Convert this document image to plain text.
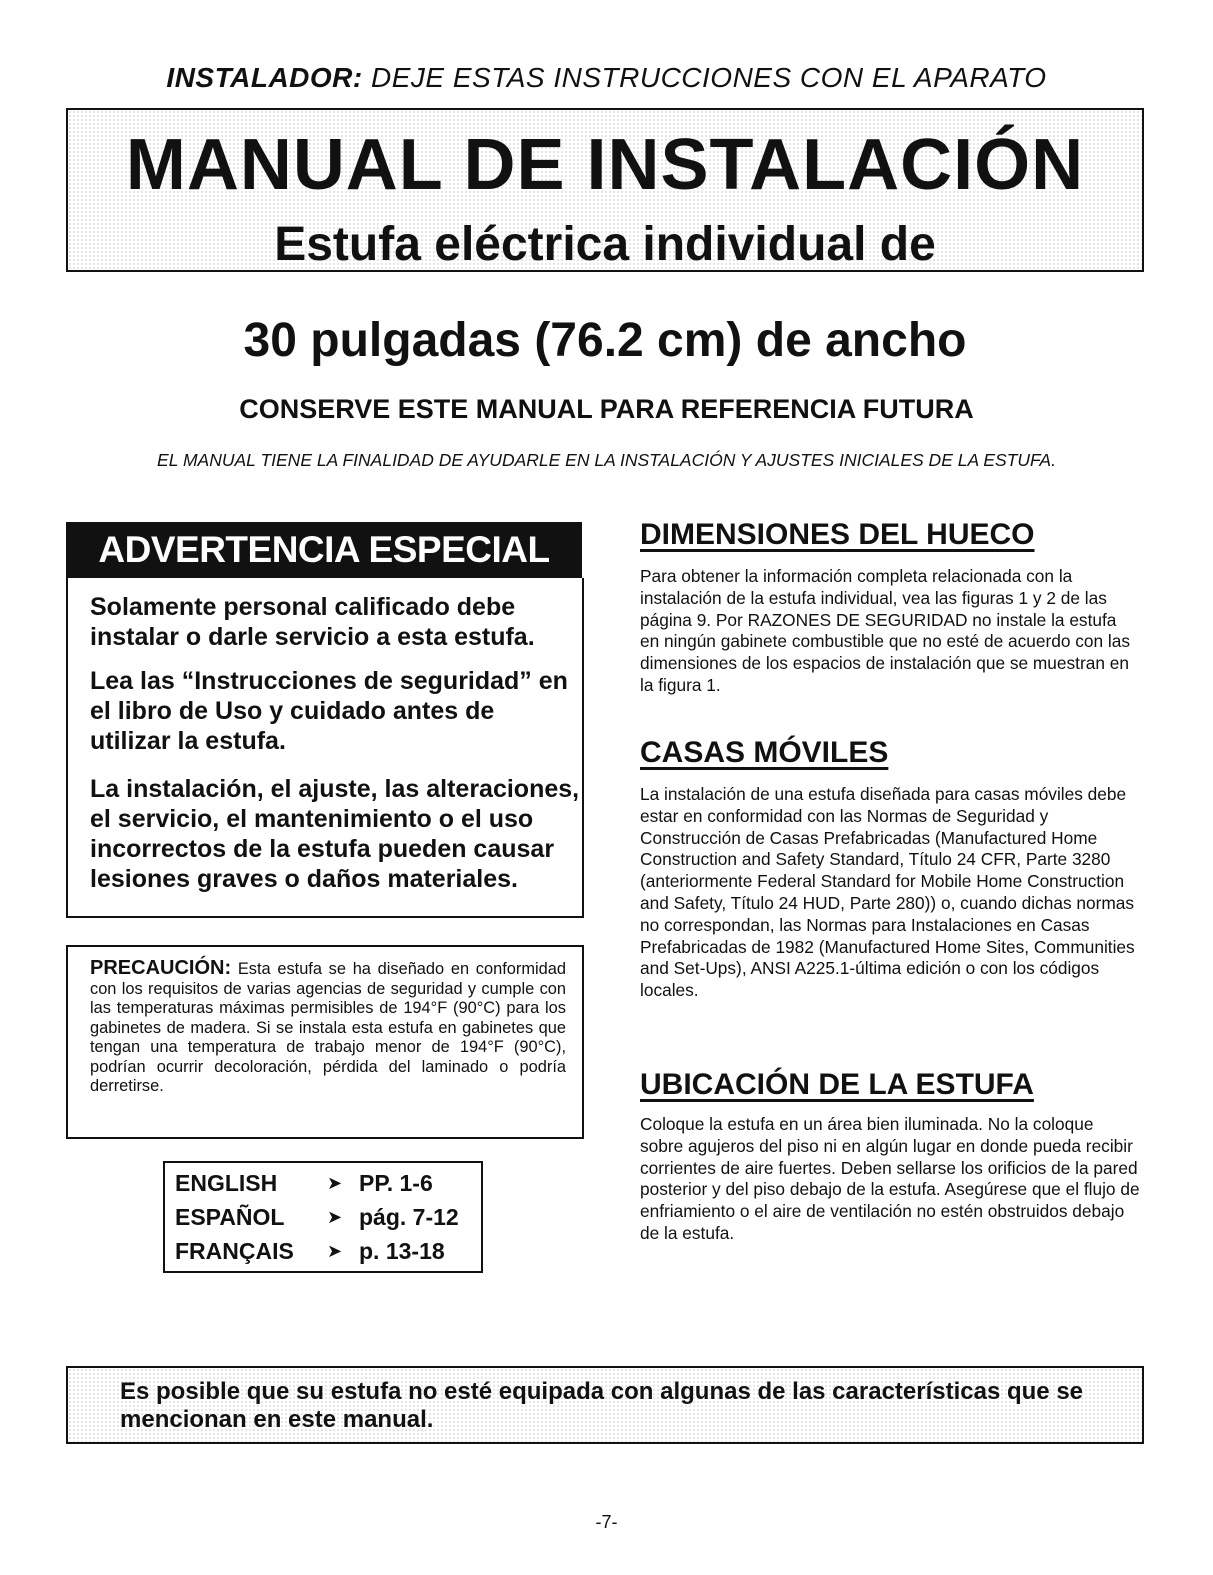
INSTALADOR: DEJE ESTAS INSTRUCCIONES CON EL APARATO
MANUAL DE INSTALACIÓN
Estufa eléctrica individual de
30 pulgadas (76.2 cm) de ancho
CONSERVE ESTE MANUAL PARA REFERENCIA FUTURA
EL MANUAL TIENE LA FINALIDAD DE AYUDARLE EN LA INSTALACIÓN Y AJUSTES INICIALES DE LA ESTUFA.
ADVERTENCIA ESPECIAL

Solamente personal calificado debe instalar o darle servicio a esta estufa.

Lea las “Instrucciones de seguridad” en el libro de Uso y cuidado antes de utilizar la estufa.

La instalación, el ajuste, las alteraciones, el servicio, el mantenimiento o el uso incorrectos de la estufa pueden causar lesiones graves o daños materiales.

PRECAUCIÓN: Esta estufa se ha diseñado en conformidad con los requisitos de varias agencias de seguridad y cumple con las temperaturas máximas permisibles de 194°F (90°C) para los gabinetes de madera. Si se instala esta estufa en gabinetes que tengan una temperatura de trabajo menor de 194°F (90°C), podrían ocurrir decoloración, pérdida del laminado o podría derretirse.

ENGLISH	➤ PP. 1-6
ESPAÑOL ➤ pág. 7-12
FRANÇAIS ➤ p. 13-18
DIMENSIONES DEL HUECO

Para obtener la información completa relacionada con la instalación de la estufa individual, vea las figuras 1 y 2 de las página 9. Por RAZONES DE SEGURIDAD no instale la estufa en ningún gabinete combustible que no esté de acuerdo con las dimensiones de los espacios de instalación que se muestran en la figura 1.

CASAS MÓVILES

La instalación de una estufa diseñada para casas móviles debe estar en conformidad con las Normas de Seguridad y Construcción de Casas Prefabricadas (Manufactured Home Construction and Safety Standard, Título 24 CFR, Parte 3280 (anteriormente Federal Standard for Mobile Home Construction and Safety, Título 24 HUD, Parte 280)) o, cuando dichas normas no correspondan, las Normas para Instalaciones en Casas Prefabricadas de 1982 (Manufactured Home Sites, Communities and Set-Ups), ANSI A225.1-última edición o con los códigos locales.

UBICACIÓN DE LA ESTUFA

Coloque la estufa en un área bien iluminada. No la coloque sobre agujeros del piso ni en algún lugar en donde pueda recibir corrientes de aire fuertes. Deben sellarse los orificios de la pared posterior y del piso debajo de la estufa. Asegúrese que el flujo de enfriamiento o el aire de ventilación no estén obstruidos debajo de la estufa.

Es posible que su estufa no esté equipada con algunas de las características que se mencionan en este manual.
-7-
